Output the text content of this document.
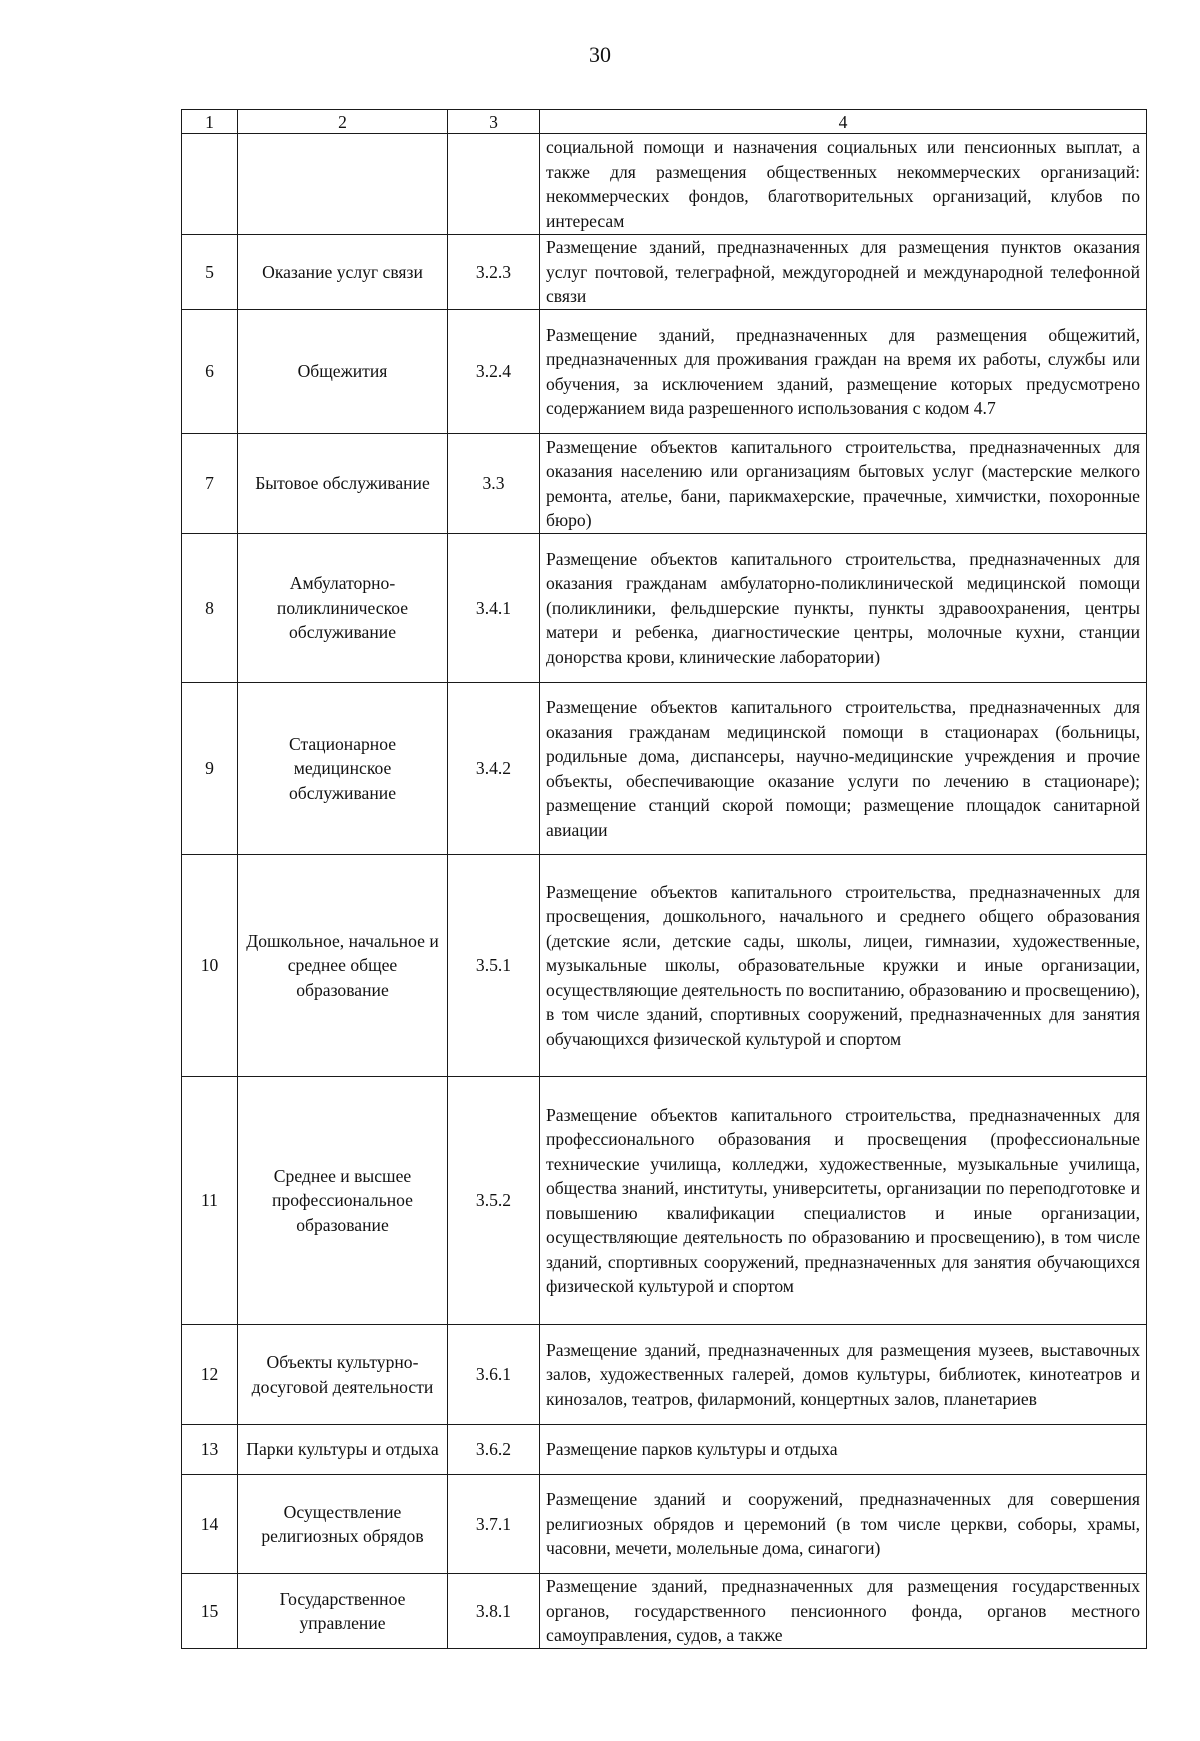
30
1	2	3	4
			социальной помощи и назначения социальных или пенсионных выплат, а также для размещения общественных некоммерческих организаций: некоммерческих фондов, благотворительных организаций, клубов по интересам
5	Оказание услуг связи	3.2.3	Размещение зданий, предназначенных для размещения пунктов оказания услуг почтовой, телеграфной, междугородней и международной телефонной связи
6	Общежития	3.2.4	Размещение зданий, предназначенных для размещения общежитий, предназначенных для проживания граждан на время их работы, службы или обучения, за исключением зданий, размещение которых предусмотрено содержанием вида разрешенного использования с кодом 4.7
7	Бытовое обслуживание	3.3	Размещение объектов капитального строительства, предназначенных для оказания населению или организациям бытовых услуг (мастерские мелкого ремонта, ателье, бани, парикмахерские, прачечные, химчистки, похоронные бюро)
8	Амбулаторно-поликлиническое обслуживание	3.4.1	Размещение объектов капитального строительства, предназначенных для оказания гражданам амбулаторно-поликлинической медицинской помощи (поликлиники, фельдшерские пункты, пункты здравоохранения, центры матери и ребенка, диагностические центры, молочные кухни, станции донорства крови, клинические лаборатории)
9	Стационарное медицинское обслуживание	3.4.2	Размещение объектов капитального строительства, предназначенных для оказания гражданам медицинской помощи в стационарах (больницы, родильные дома, диспансеры, научно-медицинские учреждения и прочие объекты, обеспечивающие оказание услуги по лечению в стационаре); размещение станций скорой помощи; размещение площадок санитарной авиации
10	Дошкольное, начальное и среднее общее образование	3.5.1	Размещение объектов капитального строительства, предназначенных для просвещения, дошкольного, начального и среднего общего образования (детские ясли, детские сады, школы, лицеи, гимназии, художественные, музыкальные школы, образовательные кружки и иные организации, осуществляющие деятельность по воспитанию, образованию и просвещению), в том числе зданий, спортивных сооружений, предназначенных для занятия обучающихся физической культурой и спортом
11	Среднее и высшее профессиональное образование	3.5.2	Размещение объектов капитального строительства, предназначенных для профессионального образования и просвещения (профессиональные технические училища, колледжи, художественные, музыкальные училища, общества знаний, институты, университеты, организации по переподготовке и повышению квалификации специалистов и иные организации, осуществляющие деятельность по образованию и просвещению), в том числе зданий, спортивных сооружений, предназначенных для занятия обучающихся физической культурой и спортом
12	Объекты культурно-досуговой деятельности	3.6.1	Размещение зданий, предназначенных для размещения музеев, выставочных залов, художественных галерей, домов культуры, библиотек, кинотеатров и кинозалов, театров, филармоний, концертных залов, планетариев
13	Парки культуры и отдыха	3.6.2	Размещение парков культуры и отдыха
14	Осуществление религиозных обрядов	3.7.1	Размещение зданий и сооружений, предназначенных для совершения религиозных обрядов и церемоний (в том числе церкви, соборы, храмы, часовни, мечети, молельные дома, синагоги)
15	Государственное управление	3.8.1	Размещение зданий, предназначенных для размещения государственных органов, государственного пенсионного фонда, органов местного самоуправления, судов, а также
